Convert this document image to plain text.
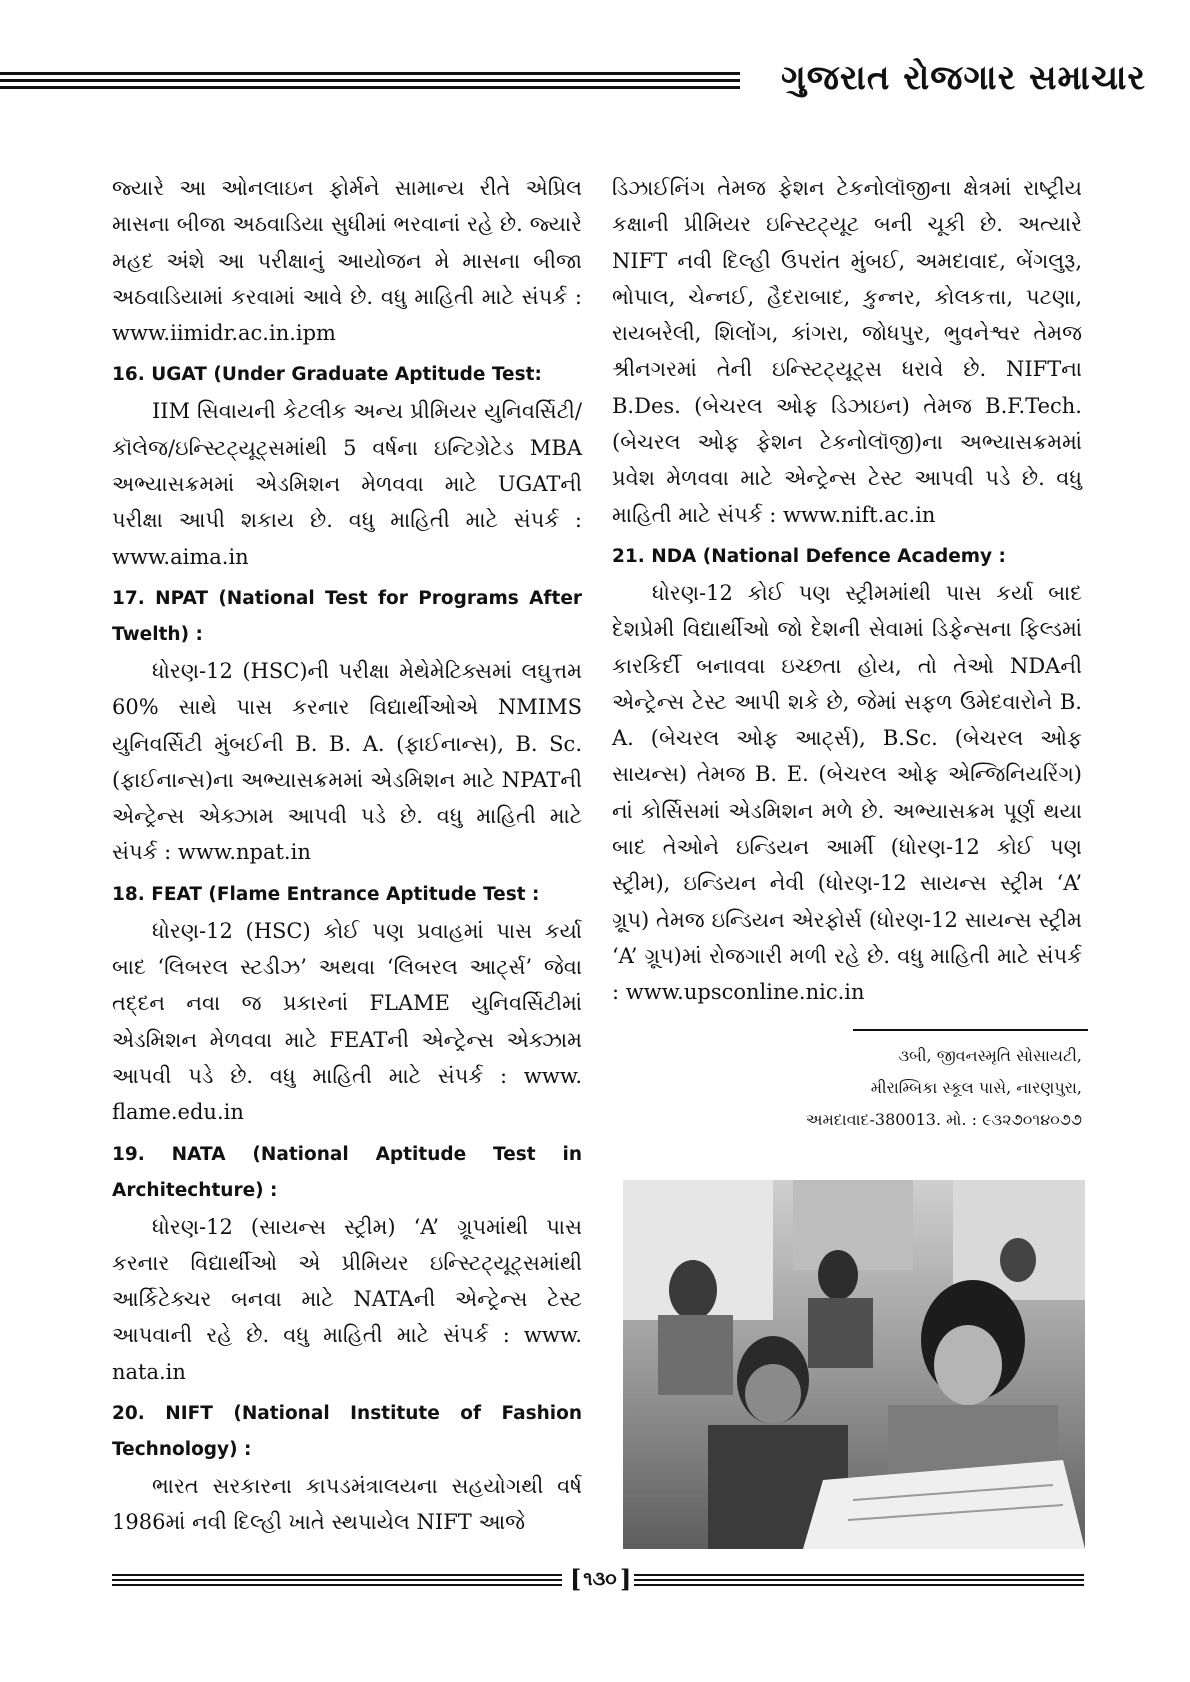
ગુજરાત રોજગાર સમાચાર

જ્યારે આ ઓનલાઇન ફોર્મને સામાન્ય રીતે એપ્રિલ માસના બીજા અઠવાડિયા સુધીમાં ભરવાનાં રહે છે. જ્યારે મહદ અંશે આ પરીક્ષાનું આયોજન મે માસના બીજા અઠવાડિયામાં કરવામાં આવે છે. વધુ માહિતી માટે સંપર્ક : www.iimidr.ac.in.ipm

16. UGAT (Under Graduate Aptitude Test:

IIM સિવાયની કેટલીક અન્ય પ્રીમિયર યુનિવર્સિટી/ કૉલેજ/ઇન્સ્ટિટ્યૂટ્સમાંથી 5 વર્ષના ઇન્ટિગ્રેટેડ MBA અભ્યાસક્રમમાં એડમિશન મેળવવા માટે UGATની પરીક્ષા આપી શકાય છે. વધુ માહિતી માટે સંપર્ક : www.aima.in

17. NPAT (National Test for Programs After Twelth) :

ધોરણ-12 (HSC)ની પરીક્ષા મેથેમેટિક્સમાં લઘુત્તમ 60% સાથે પાસ કરનાર વિદ્યાર્થીઓએ NMIMS યુનિવર્સિટી મુંબઈની B. B. A. (ફાઈનાન્સ), B. Sc. (ફાઈનાન્સ)ના અભ્યાસક્રમમાં એડમિશન માટે NPATની એન્ટ્રેન્સ એક્ઝામ આપવી પડે છે. વધુ માહિતી માટે સંપર્ક : www.npat.in

18. FEAT (Flame Entrance Aptitude Test :

ધોરણ-12 (HSC) કોઈ પણ પ્રવાહમાં પાસ કર્યા બાદ ‘લિબરલ સ્ટડીઝ’ અથવા ‘લિબરલ આર્ટ્સ’ જેવા તદ્દન નવા જ પ્રકારનાં FLAME યુનિવર્સિટીમાં એડમિશન મેળવવા માટે FEATની એન્ટ્રેન્સ એક્ઝામ આપવી પડે છે. વધુ માહિતી માટે સંપર્ક : www. flame.edu.in

19. NATA (National Aptitude Test in Architechture) :

ધોરણ-12 (સાયન્સ સ્ટ્રીમ) ‘A’ ગ્રૂપમાંથી પાસ કરનાર વિદ્યાર્થીઓ એ પ્રીમિયર ઇન્સ્ટિટ્યૂટ્સમાંથી આર્કિટેક્ચર બનવા માટે NATAની એન્ટ્રેન્સ ટેસ્ટ આપવાની રહે છે. વધુ માહિતી માટે સંપર્ક : www. nata.in

20. NIFT (National Institute of Fashion Technology) :

ભારત સરકારના કાપડમંત્રાલયના સહયોગથી વર્ષ 1986માં નવી દિલ્હી ખાતે સ્થપાયેલ NIFT આજે

ડિઝાઈનિંગ તેમજ ફેશન ટેકનોલૉજીના ક્ષેત્રમાં રાષ્ટ્રીય કક્ષાની પ્રીમિયર ઇન્સ્ટિટ્યૂટ બની ચૂકી છે. અત્યારે NIFT નવી દિલ્હી ઉપરાંત મુંબઈ, અમદાવાદ, બેંગલુરૂ, ભોપાલ, ચેન્નઈ, હૈદરાબાદ, કુન્નર, કોલકત્તા, પટણા, રાયબરેલી, શિલોંગ, કાંગરા, જોધપુર, ભુવનેશ્વર તેમજ શ્રીનગરમાં તેની ઇન્સ્ટિટ્યૂટ્સ ધરાવે છે. NIFTના B.Des. (બેચરલ ઓફ ડિઝાઇન) તેમજ B.F.Tech. (બેચરલ ઓફ ફેશન ટેકનોલૉજી)ના અભ્યાસક્રમમાં પ્રવેશ મેળવવા માટે એન્ટ્રેન્સ ટેસ્ટ આપવી પડે છે. વધુ માહિતી માટે સંપર્ક : www.nift.ac.in

21. NDA (National Defence Academy :

ધોરણ-12 કોઈ પણ સ્ટ્રીમમાંથી પાસ કર્યા બાદ દેશપ્રેમી વિદ્યાર્થીઓ જો દેશની સેવામાં ડિફેન્સના ફિલ્ડમાં કારકિર્દી બનાવવા ઇચ્છતા હોય, તો તેઓ NDAની એન્ટ્રેન્સ ટેસ્ટ આપી શકે છે, જેમાં સફળ ઉમેદવારોને B. A. (બેચરલ ઓફ આર્ટ્સ), B.Sc. (બેચરલ ઓફ સાયન્સ) તેમજ B. E. (બેચરલ ઓફ એન્જિનિયરિંગ) નાં કોર્સિસમાં એડમિશન મળે છે. અભ્યાસક્રમ પૂર્ણ થયા બાદ તેઓને ઇન્ડિયન આર્મી (ધોરણ-12 કોઈ પણ સ્ટ્રીમ), ઇન્ડિયન નેવી (ધોરણ-12 સાયન્સ સ્ટ્રીમ ‘A’ ગ્રૂપ) તેમજ ઇન્ડિયન એરફોર્સ (ધોરણ-12 સાયન્સ સ્ટ્રીમ ‘A’ ગ્રૂપ)માં રોજગારી મળી રહે છે. વધુ માહિતી માટે સંપર્ક : www.upsconline.nic.in

૩બી, જીવનસ્મૃતિ સોસાયટી,
મીરામ્બિકા સ્કૂલ પાસે, નારણપુરા,
અમદાવાદ-380013. મો. : ૯૩૨૭૦૧૪૦૭૭
[ ૧૩૦ ]
